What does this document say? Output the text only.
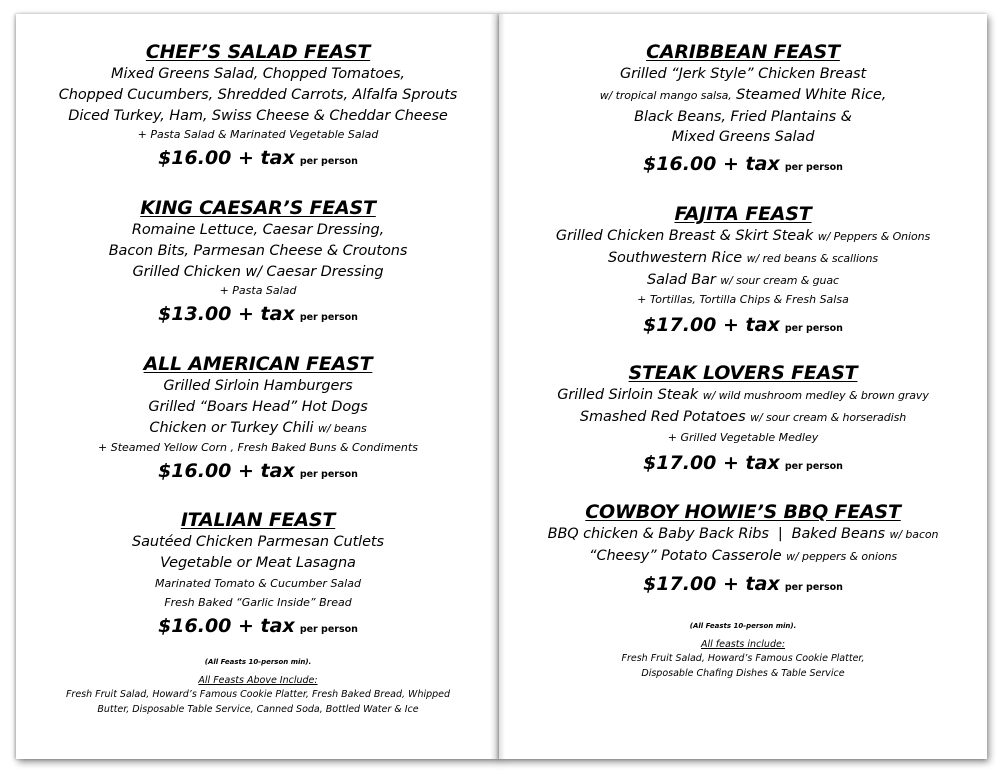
CHEF’S SALAD FEAST

Mixed Greens Salad, Chopped Tomatoes,

Chopped Cucumbers, Shredded Carrots, Alfalfa Sprouts

Diced Turkey, Ham, Swiss Cheese & Cheddar Cheese

+ Pasta Salad & Marinated Vegetable Salad

$16.00 + tax per person

KING CAESAR’S FEAST

Romaine Lettuce, Caesar Dressing,

Bacon Bits, Parmesan Cheese & Croutons

Grilled Chicken w/ Caesar Dressing

+ Pasta Salad

$13.00 + tax per person

ALL AMERICAN FEAST

Grilled Sirloin Hamburgers

Grilled “Boars Head” Hot Dogs

Chicken or Turkey Chili w/ beans

+ Steamed Yellow Corn , Fresh Baked Buns & Condiments

$16.00 + tax per person

ITALIAN FEAST

Sautéed Chicken Parmesan Cutlets

Vegetable or Meat Lasagna

Marinated Tomato & Cucumber Salad

Fresh Baked “Garlic Inside” Bread

$16.00 + tax per person

(All Feasts 10-person min).

All Feasts Above Include:

Fresh Fruit Salad, Howard’s Famous Cookie Platter, Fresh Baked Bread, Whipped

Butter, Disposable Table Service, Canned Soda, Bottled Water & Ice

CARIBBEAN FEAST

Grilled “Jerk Style” Chicken Breast

w/ tropical mango salsa, Steamed White Rice,

Black Beans, Fried Plantains &

Mixed Greens Salad

$16.00 + tax per person

FAJITA FEAST

Grilled Chicken Breast & Skirt Steak w/ Peppers & Onions

Southwestern Rice w/ red beans & scallions

Salad Bar w/ sour cream & guac

+ Tortillas, Tortilla Chips & Fresh Salsa

$17.00 + tax per person

STEAK LOVERS FEAST

Grilled Sirloin Steak w/ wild mushroom medley & brown gravy

Smashed Red Potatoes w/ sour cream & horseradish

+ Grilled Vegetable Medley

$17.00 + tax per person

COWBOY HOWIE’S BBQ FEAST

BBQ chicken & Baby Back Ribs  |  Baked Beans w/ bacon

“Cheesy” Potato Casserole w/ peppers & onions

$17.00 + tax per person

(All Feasts 10-person min).

All feasts include:

Fresh Fruit Salad, Howard’s Famous Cookie Platter,

Disposable Chafing Dishes & Table Service
